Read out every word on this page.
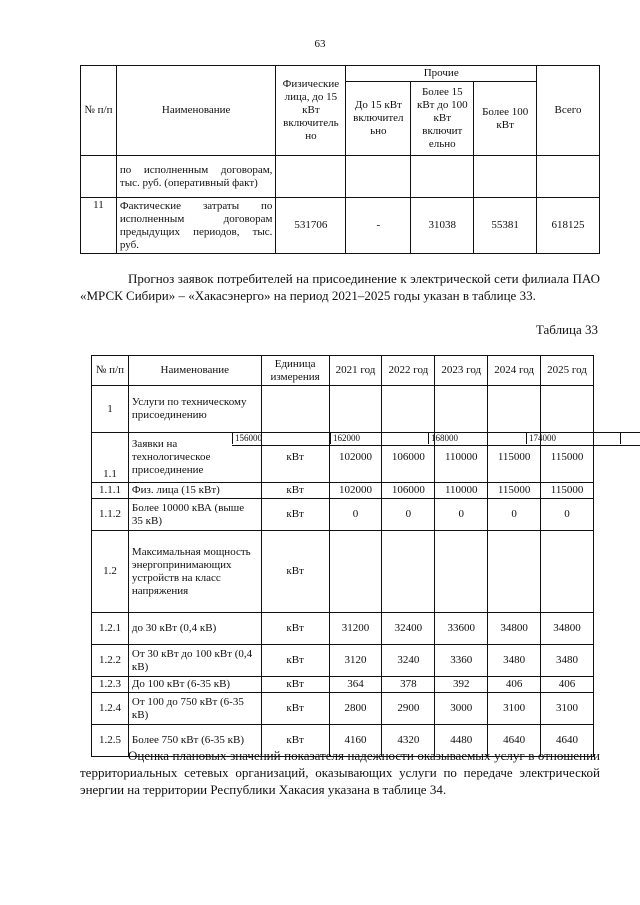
63
№ п/п	Наименование	Физические лица, до 15 кВт включитель но	Прочие			Всего
			До 15 кВт включител ьно	Более 15 кВт до 100 кВт включит ельно	Более 100 кВт	
	по исполненным договорам, тыс. руб. (оперативный факт)					
11	Фактические затраты по исполненным договорам предыдущих периодов, тыс. руб.	531706	-	31038	55381	618125
Прогноз заявок потребителей на присоединение к электрической сети филиала ПАО «МРСК Сибири» – «Хакасэнерго» на период 2021–2025 годы указан в таблице 33.
Таблица 33
№ п/п	Наименование	Единица измерения	2021 год	2022 год	2023 год	2024 год	2025 год
1	Услуги по техническому присоединению						
1.1	Заявки на технологическое присоединение	кВт	102000	106000	110000	115000	115000
1.1.1	Физ. лица (15 кВт)	кВт	102000	106000	110000	115000	115000
1.1.2	Более 10000 кВА (выше 35 кВ)	кВт	0	0	0	0	0
1.2	Максимальная мощность энергопринимающих устройств на класс напряжения	кВт					
1.2.1	до 30 кВт (0,4 кВ)	кВт	31200	32400	33600	34800	34800
1.2.2	От 30 кВт до 100 кВт (0,4 кВ)	кВт	3120	3240	3360	3480	3480
1.2.3	До 100 кВт (6-35 кВ)	кВт	364	378	392	406	406
1.2.4	От 100 до 750 кВт (6-35 кВ)	кВт	2800	2900	3000	3100	3100
1.2.5	Более 750 кВт (6-35 кВ)	кВт	4160	4320	4480	4640	4640
156000	162000	168000	174000
Оценка плановых значений показателя надежности оказываемых услуг в отношении территориальных сетевых организаций, оказывающих услуги по передаче электрической энергии на территории Республики Хакасия указана в таблице 34.
